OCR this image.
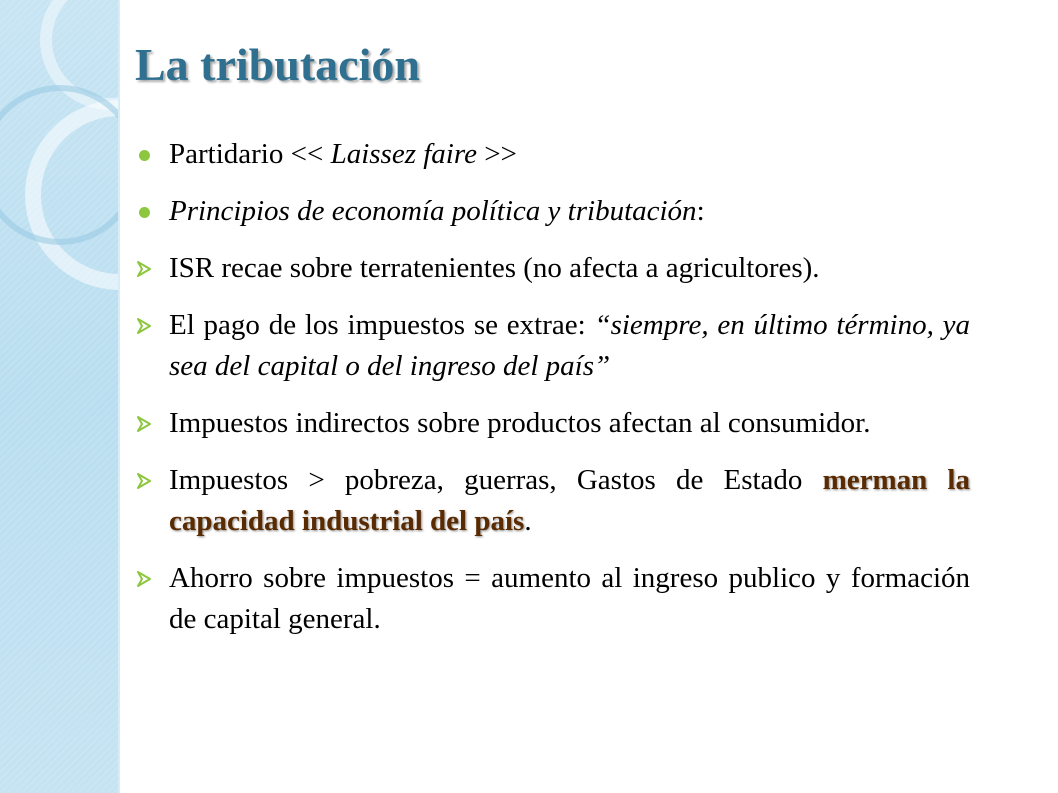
La tributación
Partidario << Laissez faire >>
Principios de economía política y tributación:
ISR recae sobre terratenientes (no afecta a agricultores).
El pago de los impuestos se extrae: “siempre, en último término, ya sea del capital o del ingreso del país”
Impuestos indirectos sobre productos afectan al consumidor.
Impuestos > pobreza, guerras, Gastos de Estado merman la capacidad industrial del país.
Ahorro sobre impuestos = aumento al ingreso publico y formación de capital general.
